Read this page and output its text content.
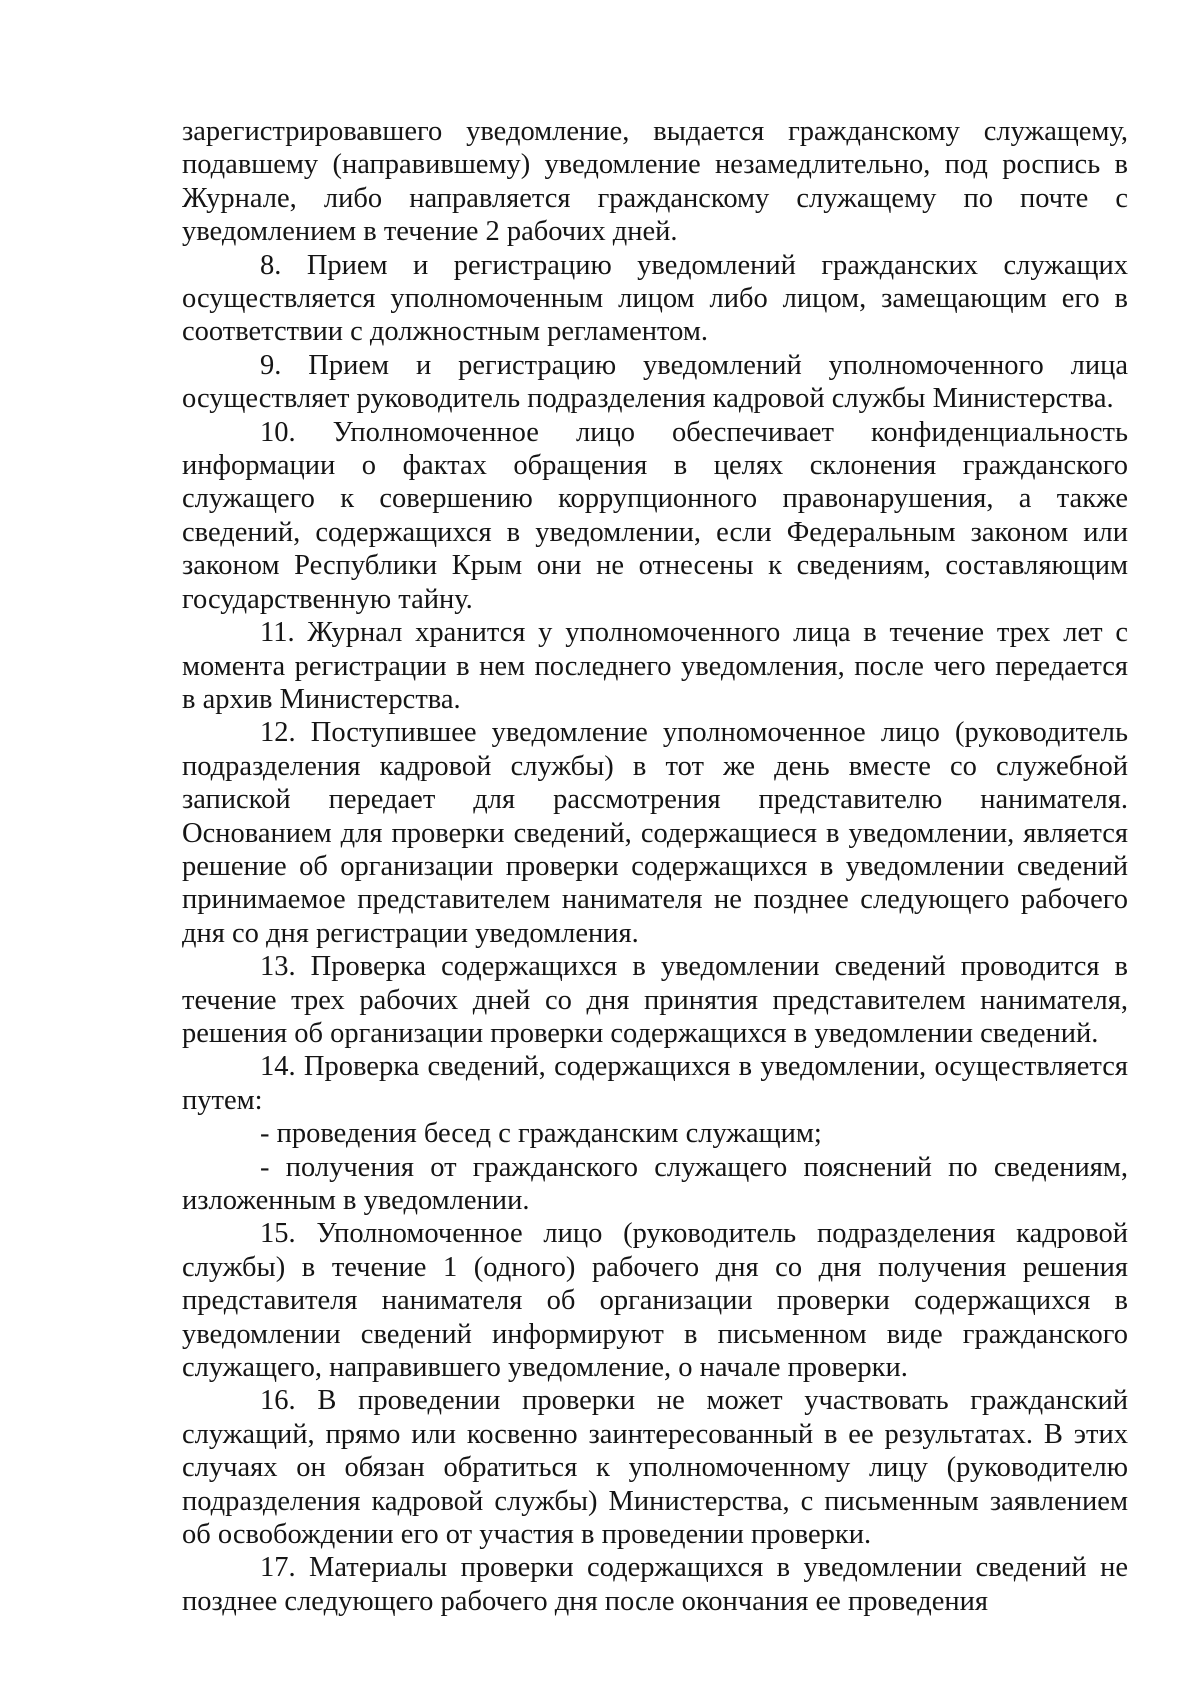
зарегистрировавшего уведомление, выдается гражданскому служащему, подавшему (направившему) уведомление незамедлительно, под роспись в Журнале, либо направляется гражданскому служащему по почте с уведомлением в течение 2 рабочих дней.

8. Прием и регистрацию уведомлений гражданских служащих осуществляется уполномоченным лицом либо лицом, замещающим его в соответствии с должностным регламентом.

9. Прием и регистрацию уведомлений уполномоченного лица осуществляет руководитель подразделения кадровой службы Министерства.

10. Уполномоченное лицо обеспечивает конфиденциальность информации о фактах обращения в целях склонения гражданского служащего к совершению коррупционного правонарушения, а также сведений, содержащихся в уведомлении, если Федеральным законом или законом Республики Крым они не отнесены к сведениям, составляющим государственную тайну.

11. Журнал хранится у уполномоченного лица в течение трех лет с момента регистрации в нем последнего уведомления, после чего передается в архив Министерства.

12. Поступившее уведомление уполномоченное лицо (руководитель подразделения кадровой службы) в тот же день вместе со служебной запиской передает для рассмотрения представителю нанимателя. Основанием для проверки сведений, содержащиеся в уведомлении, является решение об организации проверки содержащихся в уведомлении сведений принимаемое представителем нанимателя не позднее следующего рабочего дня со дня регистрации уведомления.

13. Проверка содержащихся в уведомлении сведений проводится в течение трех рабочих дней со дня принятия представителем нанимателя, решения об организации проверки содержащихся в уведомлении сведений.

14. Проверка сведений, содержащихся в уведомлении, осуществляется путем:

- проведения бесед с гражданским служащим;

- получения от гражданского служащего пояснений по сведениям, изложенным в уведомлении.

15. Уполномоченное лицо (руководитель подразделения кадровой службы) в течение 1 (одного) рабочего дня со дня получения решения представителя нанимателя об организации проверки содержащихся в уведомлении сведений информируют в письменном виде гражданского служащего, направившего уведомление, о начале проверки.

16. В проведении проверки не может участвовать гражданский служащий, прямо или косвенно заинтересованный в ее результатах. В этих случаях он обязан обратиться к уполномоченному лицу (руководителю подразделения кадровой службы) Министерства, с письменным заявлением об освобождении его от участия в проведении проверки.

17. Материалы проверки содержащихся в уведомлении сведений не позднее следующего рабочего дня после окончания ее проведения
